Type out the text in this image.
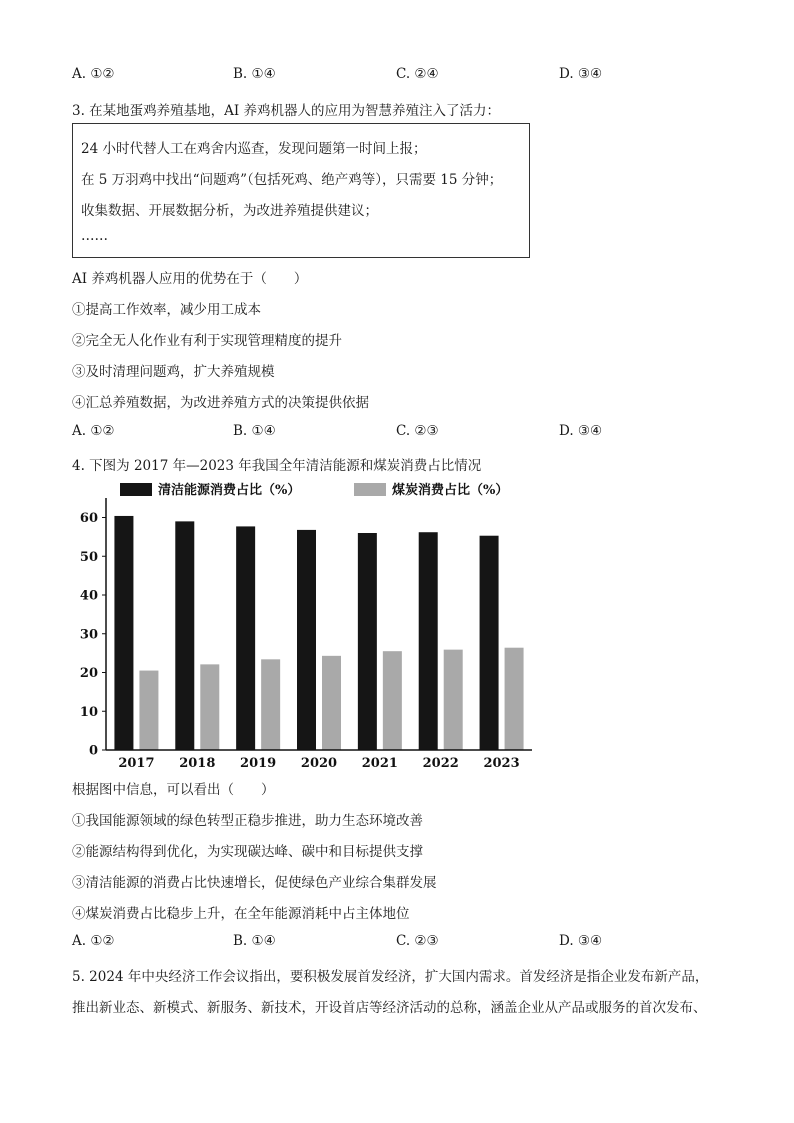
A. ①②	B. ①④	C. ②④	D. ③④
3. 在某地蛋鸡养殖基地，AI 养鸡机器人的应用为智慧养殖注入了活力：
24 小时代替人工在鸡舍内巡查，发现问题第一时间上报；
在 5 万羽鸡中找出“问题鸡”（包括死鸡、绝产鸡等），只需要 15 分钟；
收集数据、开展数据分析，为改进养殖提供建议；
……
AI 养鸡机器人应用的优势在于（　　）
①提高工作效率，减少用工成本
②完全无人化作业有利于实现管理精度的提升
③及时清理问题鸡，扩大养殖规模
④汇总养殖数据，为改进养殖方式的决策提供依据
A. ①②	B. ①④	C. ②③	D. ③④
4. 下图为 2017 年—2023 年我国全年清洁能源和煤炭消费占比情况
清洁能源消费占比（%）	煤炭消费占比（%）
0
10
20
30
40
50
60
2017 2018 2019 2020 2021 2022 2023
根据图中信息，可以看出（　　）
①我国能源领域的绿色转型正稳步推进，助力生态环境改善
②能源结构得到优化，为实现碳达峰、碳中和目标提供支撑
③清洁能源的消费占比快速增长，促使绿色产业综合集群发展
④煤炭消费占比稳步上升，在全年能源消耗中占主体地位
A. ①②	B. ①④	C. ②③	D. ③④
5. 2024 年中央经济工作会议指出，要积极发展首发经济，扩大国内需求。首发经济是指企业发布新产品，
推出新业态、新模式、新服务、新技术，开设首店等经济活动的总称，涵盖企业从产品或服务的首次发布、
